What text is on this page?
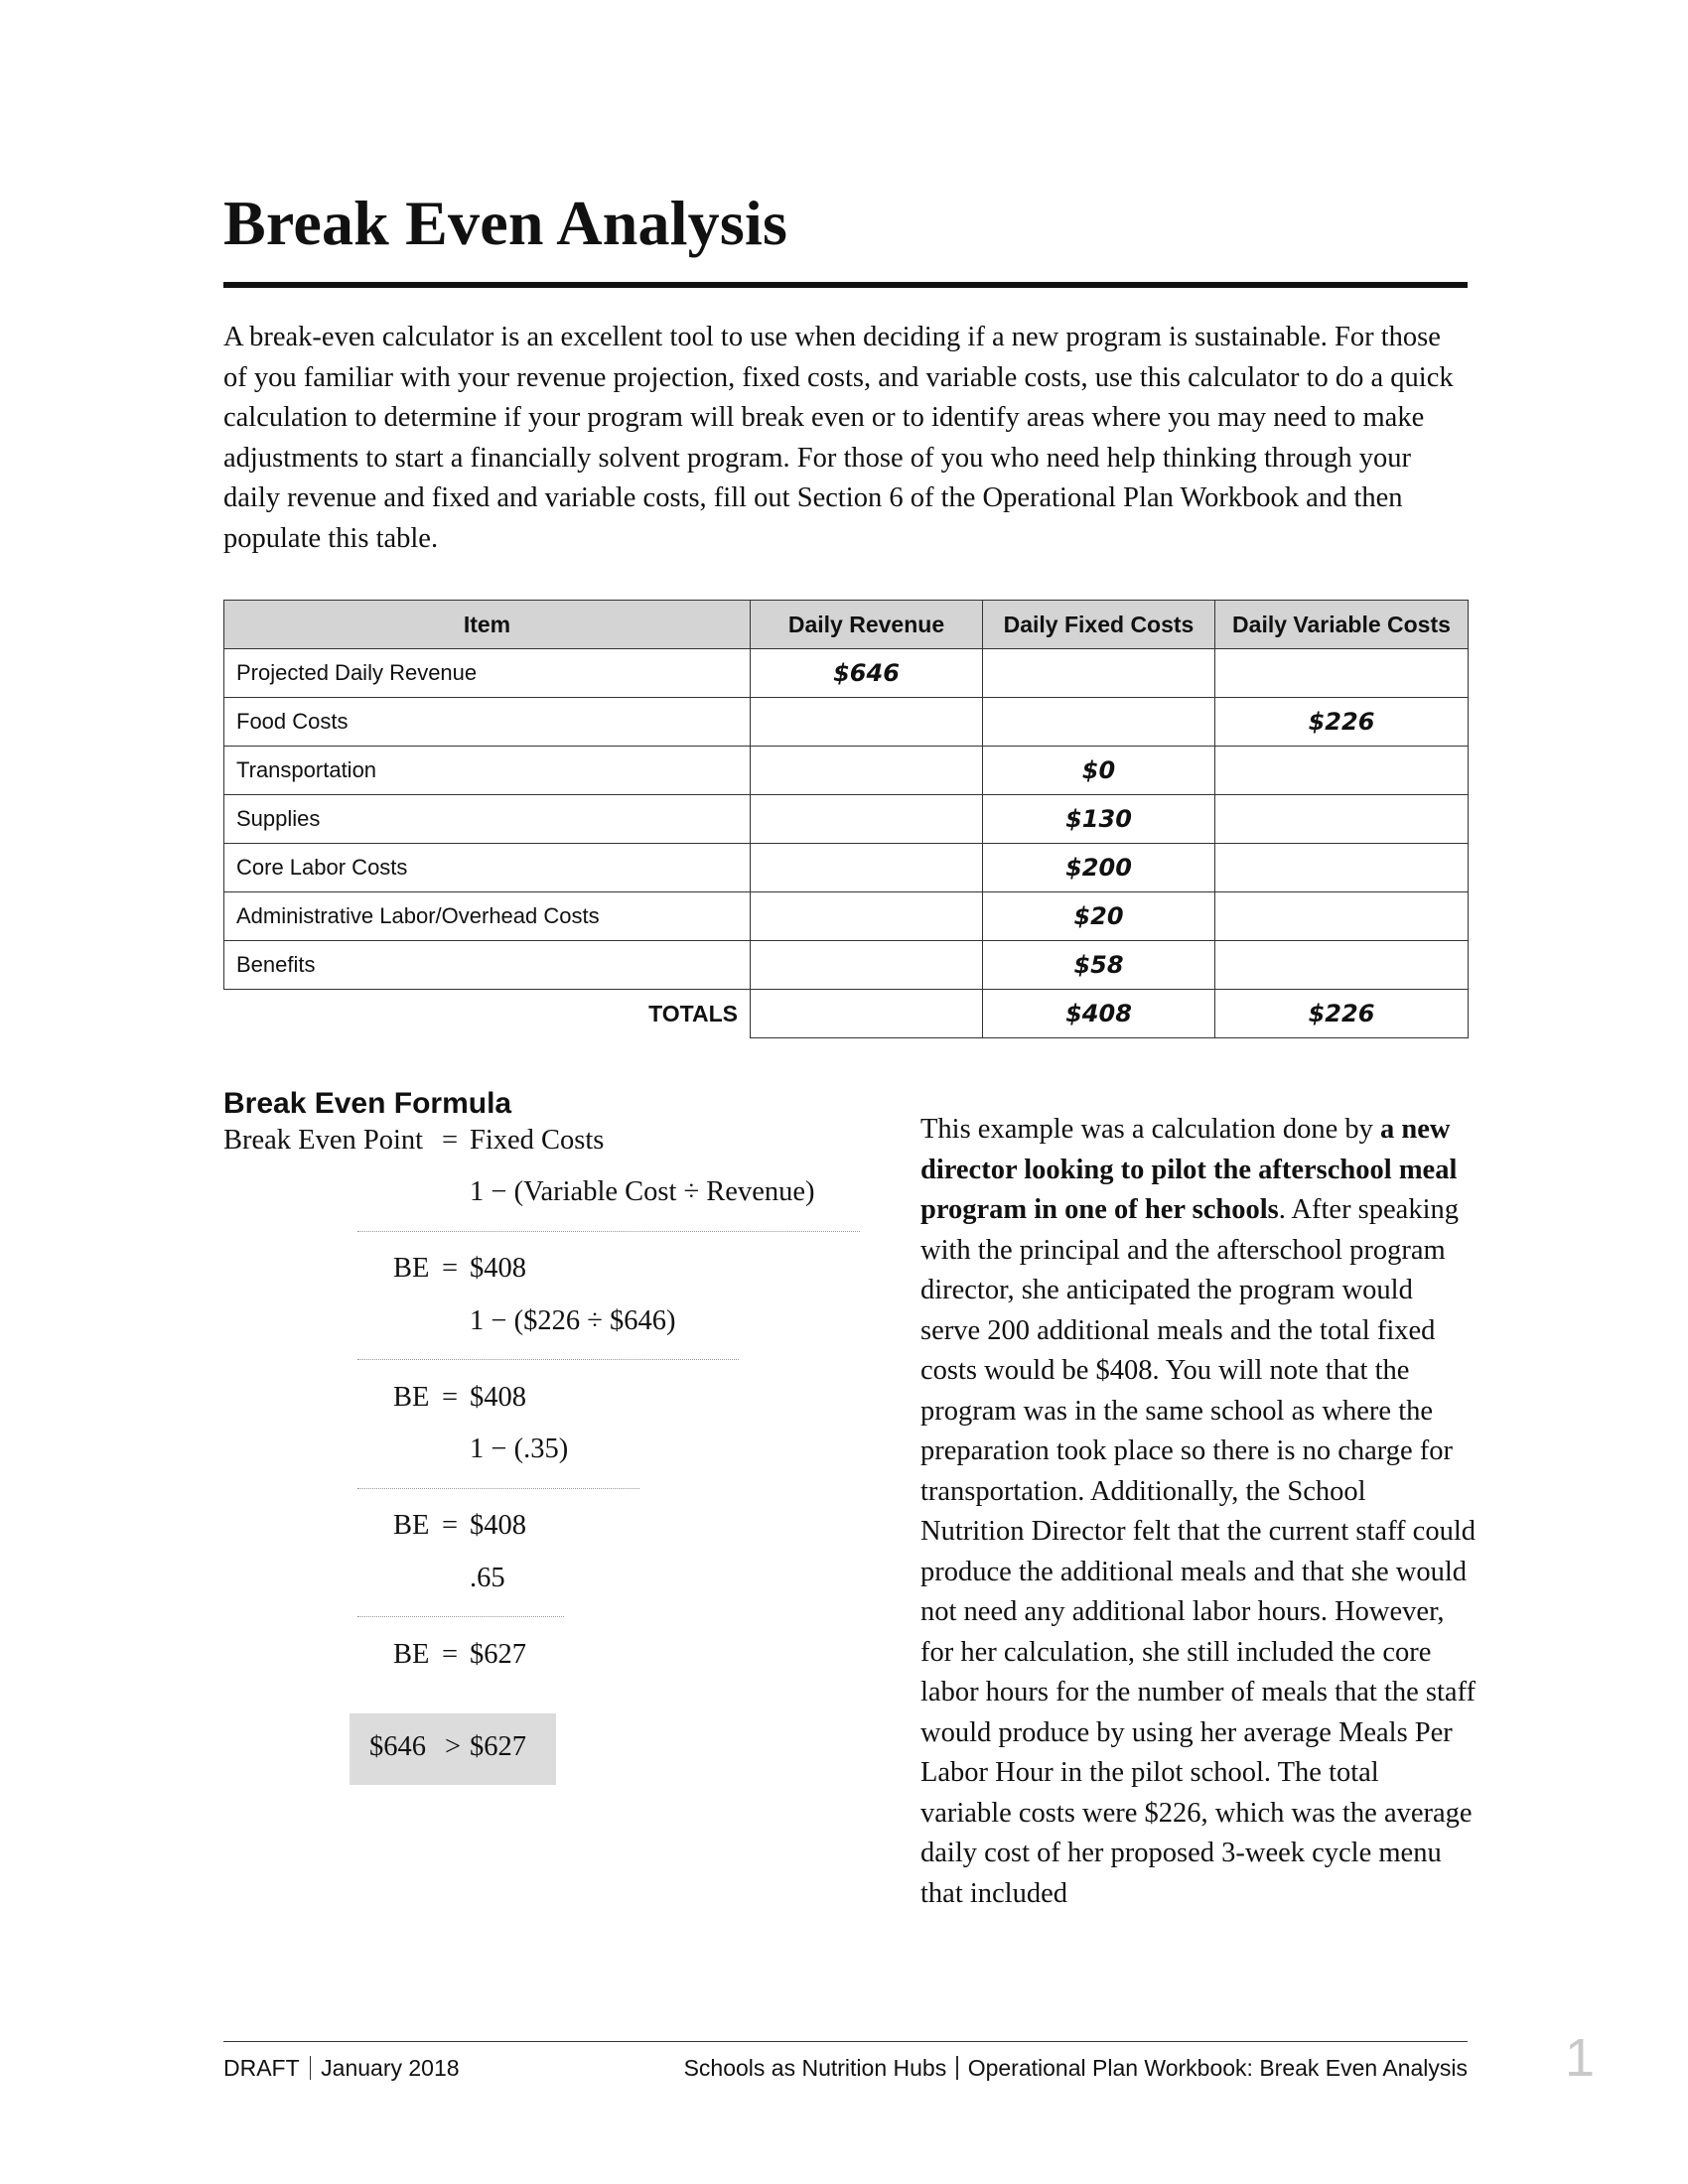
Break Even Analysis

A break-even calculator is an excellent tool to use when deciding if a new program is sustainable. For those of you familiar with your revenue projection, fixed costs, and variable costs, use this calculator to do a quick calculation to determine if your program will break even or to identify areas where you may need to make adjustments to start a financially solvent program. For those of you who need help thinking through your daily revenue and fixed and variable costs, fill out Section 6 of the Operational Plan Workbook and then populate this table.

Item	Daily Revenue	Daily Fixed Costs	Daily Variable Costs
Projected Daily Revenue	$646		
Food Costs			$226
Transportation		$0	
Supplies		$130	
Core Labor Costs		$200	
Administrative Labor/Overhead Costs		$20	
Benefits		$58	
TOTALS		$408	$226
Break Even Formula
Break Even Point = Fixed Costs
1 − (Variable Cost ÷ Revenue)
BE = $408
1 − ($226 ÷ $646)
BE = $408
1 − (.35)
BE = $408
.65
BE = $627
$646 > $627

This example was a calculation done by a new director looking to pilot the afterschool meal program in one of her schools. After speaking with the principal and the afterschool program director, she anticipated the program would serve 200 additional meals and the total fixed costs would be $408. You will note that the program was in the same school as where the preparation took place so there is no charge for transportation. Additionally, the School Nutrition Director felt that the current staff could produce the additional meals and that she would not need any additional labor hours. However, for her calculation, she still included the core labor hours for the number of meals that the staff would produce by using her average Meals Per Labor Hour in the pilot school. The total variable costs were $226, which was the average daily cost of her proposed 3-week cycle menu that included

DRAFT January 2018	Schools as Nutrition Hubs Operational Plan Workbook: Break Even Analysis 1
